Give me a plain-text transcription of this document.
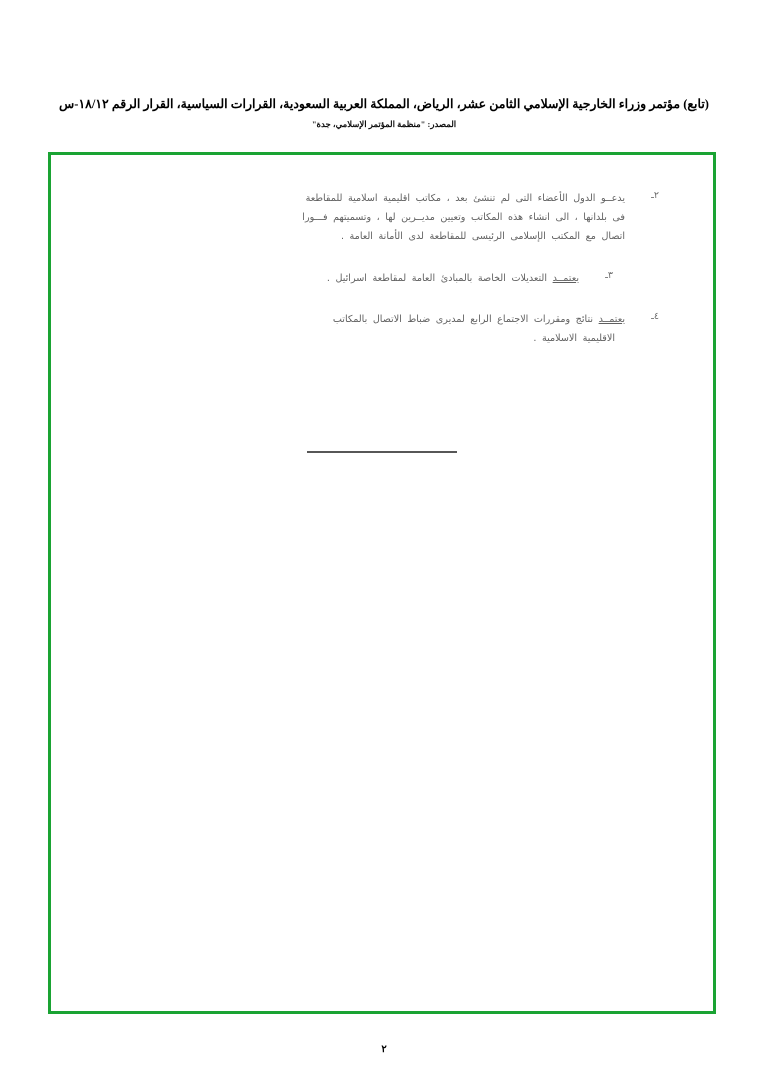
(تابع) مؤتمر وزراء الخارجية الإسلامي الثامن عشر، الرياض، المملكة العربية السعودية، القرارات السياسية، القرار الرقم ١٨/١٢-س
المصدر: "منظمة المؤتمر الإسلامي، جدة"
٢ـ
يدعــو الدول الأعضاء التى لم تنشئ بعد ، مكاتب اقليمية اسلامية للمقاطعة
فى بلدانها ، الى انشاء هذه المكاتب وتعيين مديــرين لها ، وتسميتهم فـــورا
اتصال مع المكتب الإسلامى الرئيسى للمقاطعة لدى الأمانة العامة .
٣ـ
يعتمــد التعديلات الخاصة بالمبادئ العامة لمقاطعة اسرائيل .
٤ـ
يعتمــد نتائج ومقررات الاجتماع الرابع لمديرى ضباط الاتصال بالمكاتب
الاقليمية الاسلامية .
٢
